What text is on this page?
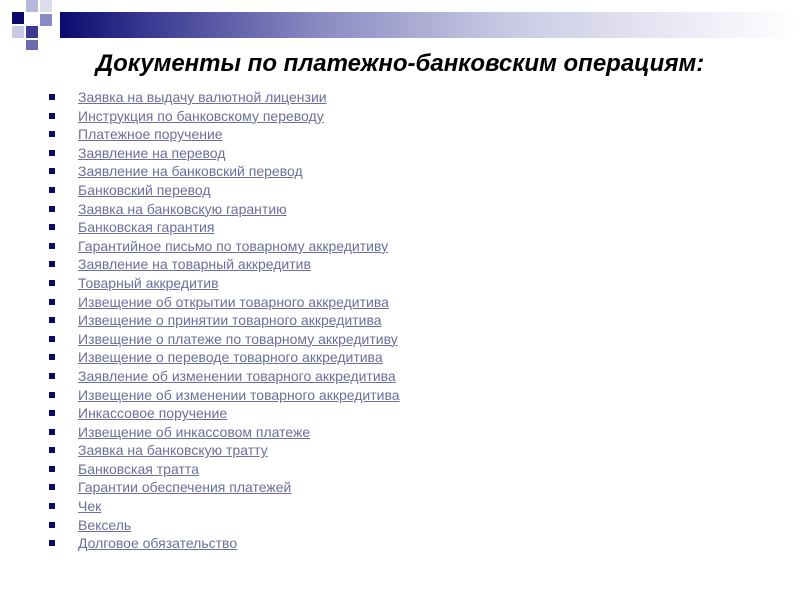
Документы по платежно-банковским операциям:
Заявка на выдачу валютной лицензии
Инструкция по банковскому переводу
Платежное поручение
Заявление на перевод
Заявление на банковский перевод
Банковский перевод
Заявка на банковскую гарантию
Банковская гарантия
Гарантийное письмо по товарному аккредитиву
Заявление на товарный аккредитив
Товарный аккредитив
Извещение об открытии товарного аккредитива
Извещение о принятии товарного аккредитива
Извещение о платеже по товарному аккредитиву
Извещение о переводе товарного аккредитива
Заявление об изменении товарного аккредитива
Извещение об изменении товарного аккредитива
Инкассовое поручение
Извещение об инкассовом платеже
Заявка на банковскую тратту
Банковская тратта
Гарантии обеспечения платежей
Чек
Вексель
Долговое обязательство
